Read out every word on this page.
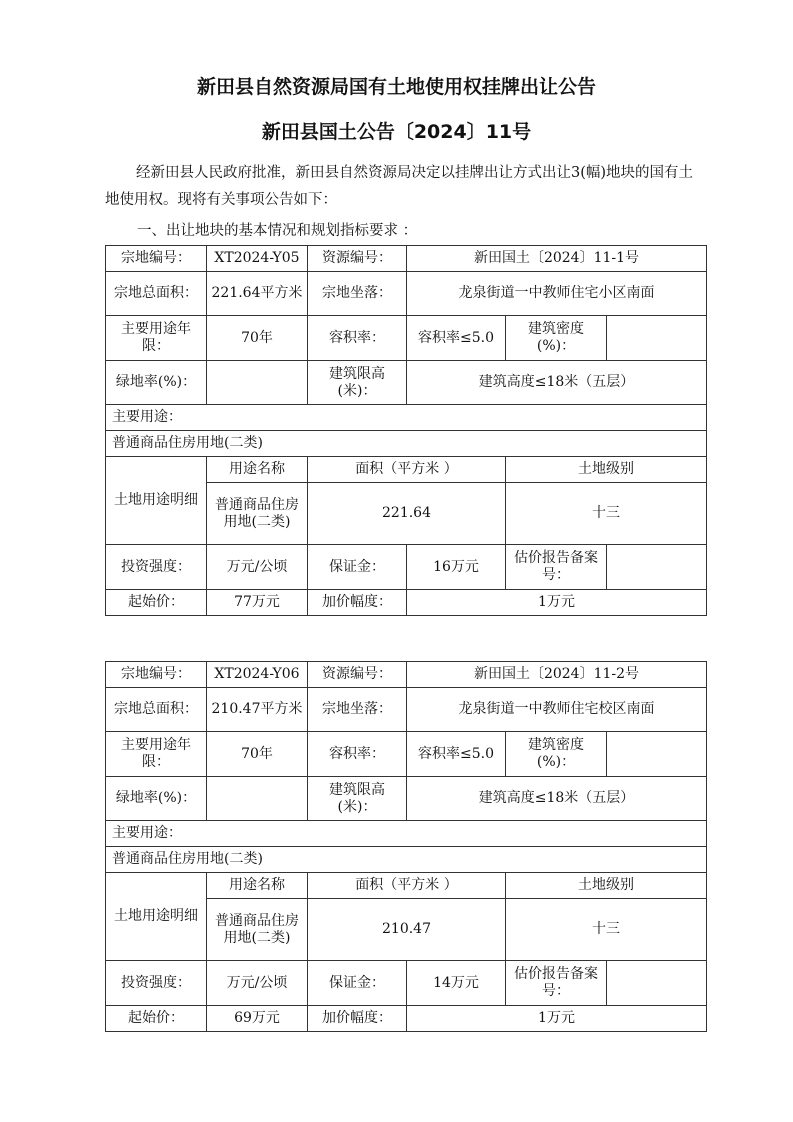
新田县自然资源局国有土地使用权挂牌出让公告
新田县国土公告〔2024〕11号
经新田县人民政府批准，新田县自然资源局决定以挂牌出让方式出让3(幅)地块的国有土地使用权。现将有关事项公告如下：
一、出让地块的基本情况和规划指标要求 ：
宗地编号：	XT2024-Y05	资源编号：	新田国土〔2024〕11-1号		
宗地总面积：	221.64平方米	宗地坐落：	龙泉街道一中教师住宅小区南面		
主要用途年限：	70年	容积率：	容积率≤5.0	建筑密度(%)：	
绿地率(%)：		建筑限高(米)：	建筑高度≤18米（五层）		
主要用途：					
普通商品住房用地(二类)					
土地用途明细	用途名称	面积（平方米 ）		土地级别	
	普通商品住房用地(二类)	221.64		十三	
投资强度：	万元/公顷	保证金：	16万元	估价报告备案号：	
起始价：	77万元	加价幅度：	1万元		
宗地编号：	XT2024-Y06	资源编号：	新田国土〔2024〕11-2号		
宗地总面积：	210.47平方米	宗地坐落：	龙泉街道一中教师住宅校区南面		
主要用途年限：	70年	容积率：	容积率≤5.0	建筑密度(%)：	
绿地率(%)：		建筑限高(米)：	建筑高度≤18米（五层）		
主要用途：					
普通商品住房用地(二类)					
土地用途明细	用途名称	面积（平方米 ）		土地级别	
	普通商品住房用地(二类)	210.47		十三	
投资强度：	万元/公顷	保证金：	14万元	估价报告备案号：	
起始价：	69万元	加价幅度：	1万元		
